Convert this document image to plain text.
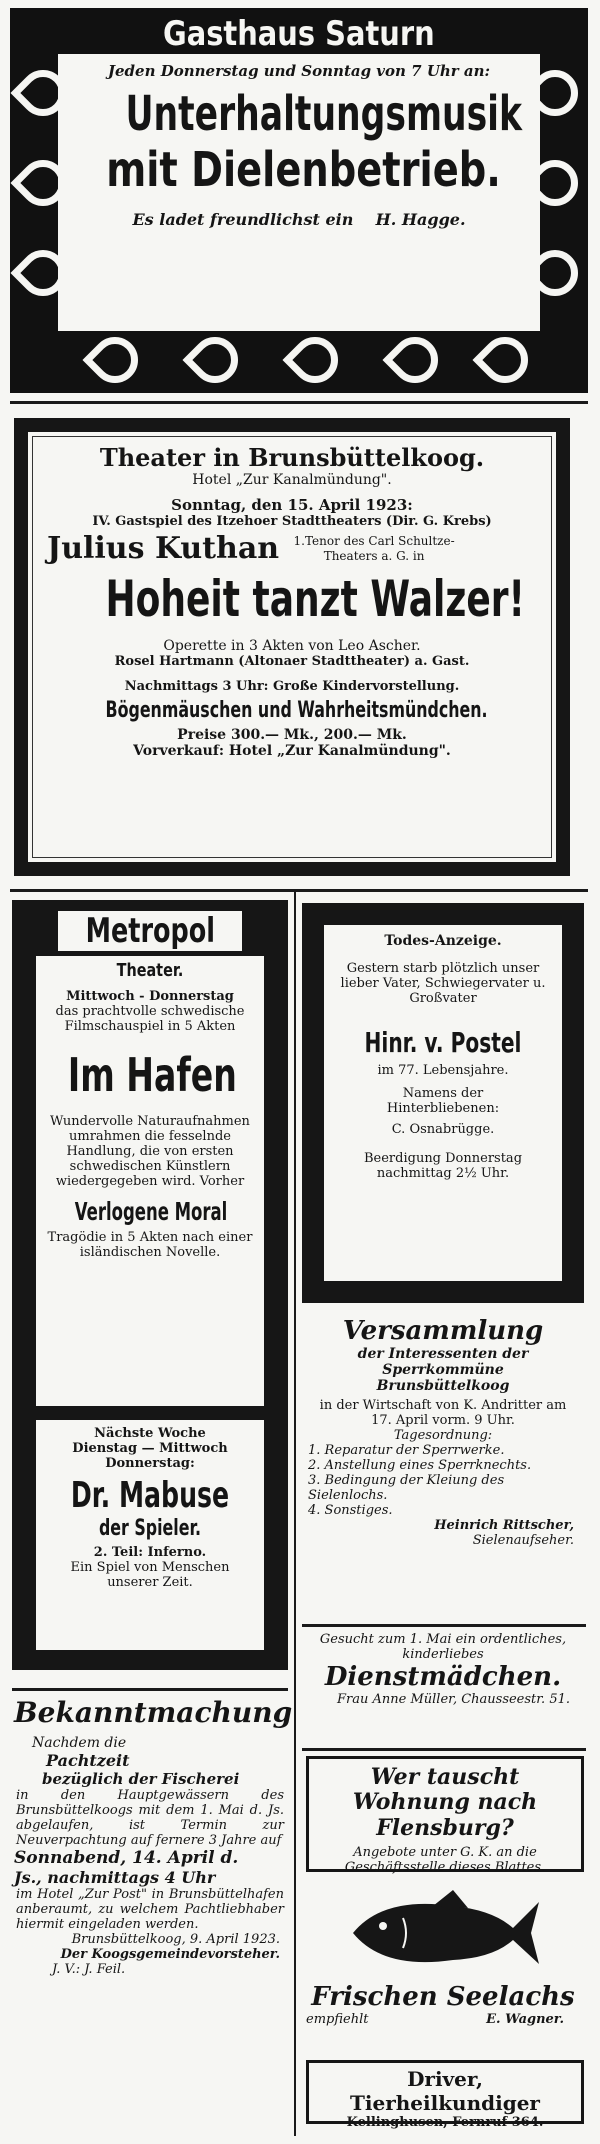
Gasthaus Saturn
Jeden Donnerstag und Sonntag von 7 Uhr an:
Unterhaltungsmusik
mit Dielenbetrieb.
Es ladet freundlichst ein H. Hagge.
Theater in Brunsbüttelkoog.
Hotel „Zur Kanalmündung".
Sonntag, den 15. April 1923:
IV. Gastspiel des Itzehoer Stadttheaters (Dir. G. Krebs)
Julius Kuthan	1.Tenor des Carl Schultze-Theaters a. G. in
Hoheit tanzt Walzer!
Operette in 3 Akten von Leo Ascher.
Rosel Hartmann (Altonaer Stadttheater) a. Gast.
Nachmittags 3 Uhr: Große Kindervorstellung.
Bögenmäuschen und Wahrheitsmündchen.
Preise 300.— Mk., 200.— Mk.
Vorverkauf: Hotel „Zur Kanalmündung".
Metropol
Theater.
Mittwoch - Donnerstag
das prachtvolle schwedische Filmschauspiel in 5 Akten
Im Hafen
Wundervolle Naturaufnahmen umrahmen die fesselnde Handlung, die von ersten schwedischen Künstlern wiedergegeben wird. Vorher
Verlogene Moral
Tragödie in 5 Akten nach einer isländischen Novelle.
Nächste Woche
Dienstag — Mittwoch Donnerstag:
Dr. Mabuse
der Spieler.
2. Teil: Inferno.
Ein Spiel von Menschen unserer Zeit.
Todes-Anzeige.
Gestern starb plötzlich unser lieber Vater, Schwiegervater u. Großvater
Hinr. v. Postel
im 77. Lebensjahre.
Namens der Hinterbliebenen:
C. Osnabrügge.
Beerdigung Donnerstag nachmittag 2½ Uhr.
Versammlung
der Interessenten der Sperrkommüne Brunsbüttelkoog
in der Wirtschaft von K. Andritter am 17. April vorm. 9 Uhr.
Tagesordnung:
1. Reparatur der Sperrwerke.
2. Anstellung eines Sperrknechts.
3. Bedingung der Kleiung des Sielenlochs.
4. Sonstiges.
Heinrich Rittscher,
Sielenaufseher.
Gesucht zum 1. Mai ein ordentliches, kinderliebes
Dienstmädchen.
Frau Anne Müller, Chausseestr. 51.
Wer tauscht Wohnung nach Flensburg?
Angebote unter G. K. an die Geschäftsstelle dieses Blattes.
Frischen Seelachs
empfiehlt	E. Wagner.
Driver, Tierheilkundiger
Kellinghusen, Fernruf 364.
Bekanntmachung
Nachdem die
Pachtzeit
bezüglich der Fischerei
in den Hauptgewässern des Brunsbüttelkoogs mit dem 1. Mai d. Js. abgelaufen, ist Termin zur Neuverpachtung auf fernere 3 Jahre auf
Sonnabend, 14. April d.
Js., nachmittags 4 Uhr
im Hotel „Zur Post" in Brunsbüttelhafen anberaumt, zu welchem Pachtliebhaber hiermit eingeladen werden.
Brunsbüttelkoog, 9. April 1923.
Der Koogsgemeindevorsteher.
J. V.: J. Feil.
